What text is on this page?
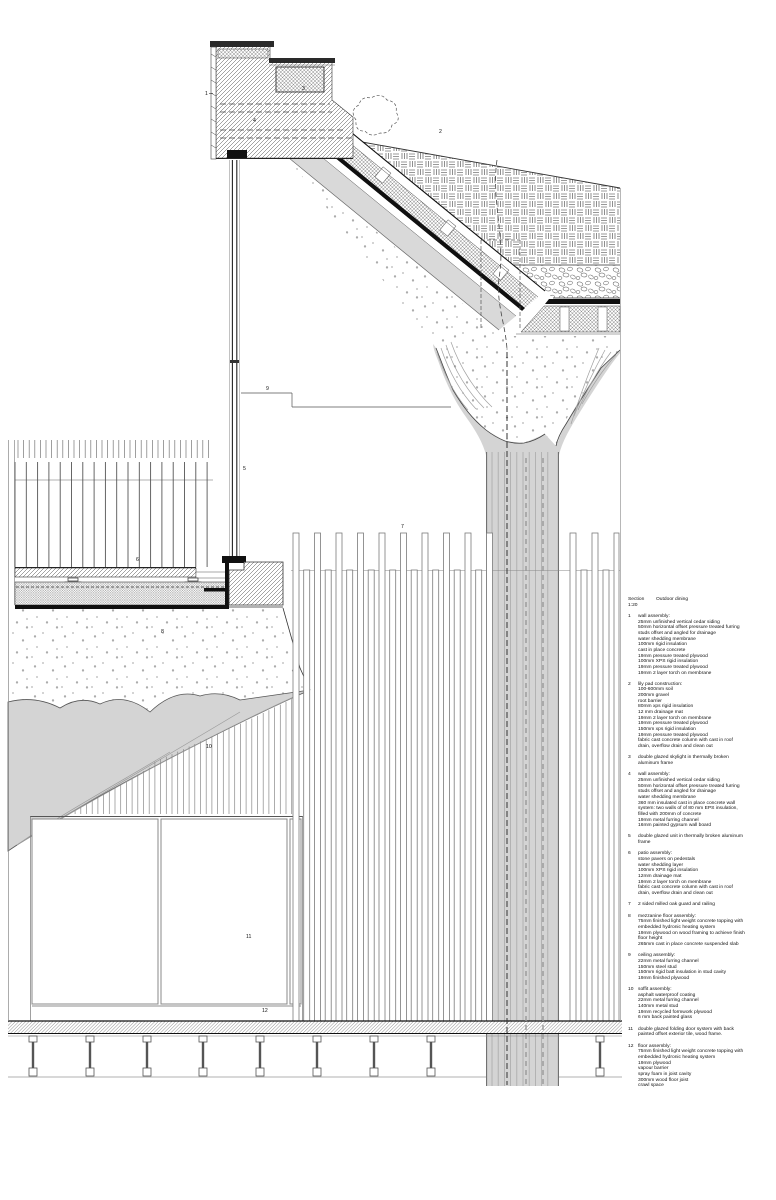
1
2
3
4
5
6
7
8
9
10
11
12
Section Outdoor dining
1:20
1	wall assembly:
25mm unfinished vertical cedar siding
50mm horizontal offset pressure treated furring
studs offset and angled for drainage
water shedding membrane
100mm rigid insulation
cast in place concrete
19mm pressure treated plywood
100mm XPS rigid insulation
19mm pressure treated plywood
19mm 2 layer torch on membrane
2	lily pad construction:
100-600mm soil
200mm gravel
root barrier
80mm xps rigid insulation
12 mm drainage mat
19mm 2 layer torch on membrane
19mm pressure treated plywood
150mm xps rigid insulation
19mm pressure treated plywood
fabric cast concrete column with cast in roof
drain, overflow drain and clean out
3	double glazed skylight in thermally broken
aluminum frame
4	wall assembly:
25mm unfinished vertical cedar siding
50mm horizontal offset pressure treated furring
studs offset and angled for drainage
water shedding membrane
360 mm insulated cast in place concrete wall
system: two walls of of 80 mm EPS insulation,
filled with 200mm of concrete
19mm metal furring channel
16mm painted gypsum wall board
5	double glazed unit in thermally broken aluminum
frame
6	patio assembly:
stone pavers on pedestals
water shedding layer
100mm XPS rigid insulation
12mm drainage mat
19mm 2 layer torch on membrane
fabric cast concrete column with cast in roof
drain, overflow drain and clean out
7	2 sided milled oak guard and railing
8	mezzanine floor assembly:
75mm finished light weight concrete topping with
embedded hydronic heating system
19mm plywood on wood framing to achieve finish
floor height
265mm cast in place concrete suspended slab
9	ceiling assembly:
22mm metal furring channel
150mm steel stud
150mm rigid batt insulation in stud cavity
19mm finished plywood
10 soffit assembly:
asphalt waterproof coating
22mm metal furring channel
140mm metal stud
19mm recycled formwork plywood
6 mm back painted glass
11	double glazed folding door system with back
painted offset exterior tile, wood frame.
12 floor assembly:
75mm finished light weight concrete topping with
embedded hydronic heating system
19mm plywood
vapour barrier
spray foam in joist cavity
300mm wood floor joist
crawl space
